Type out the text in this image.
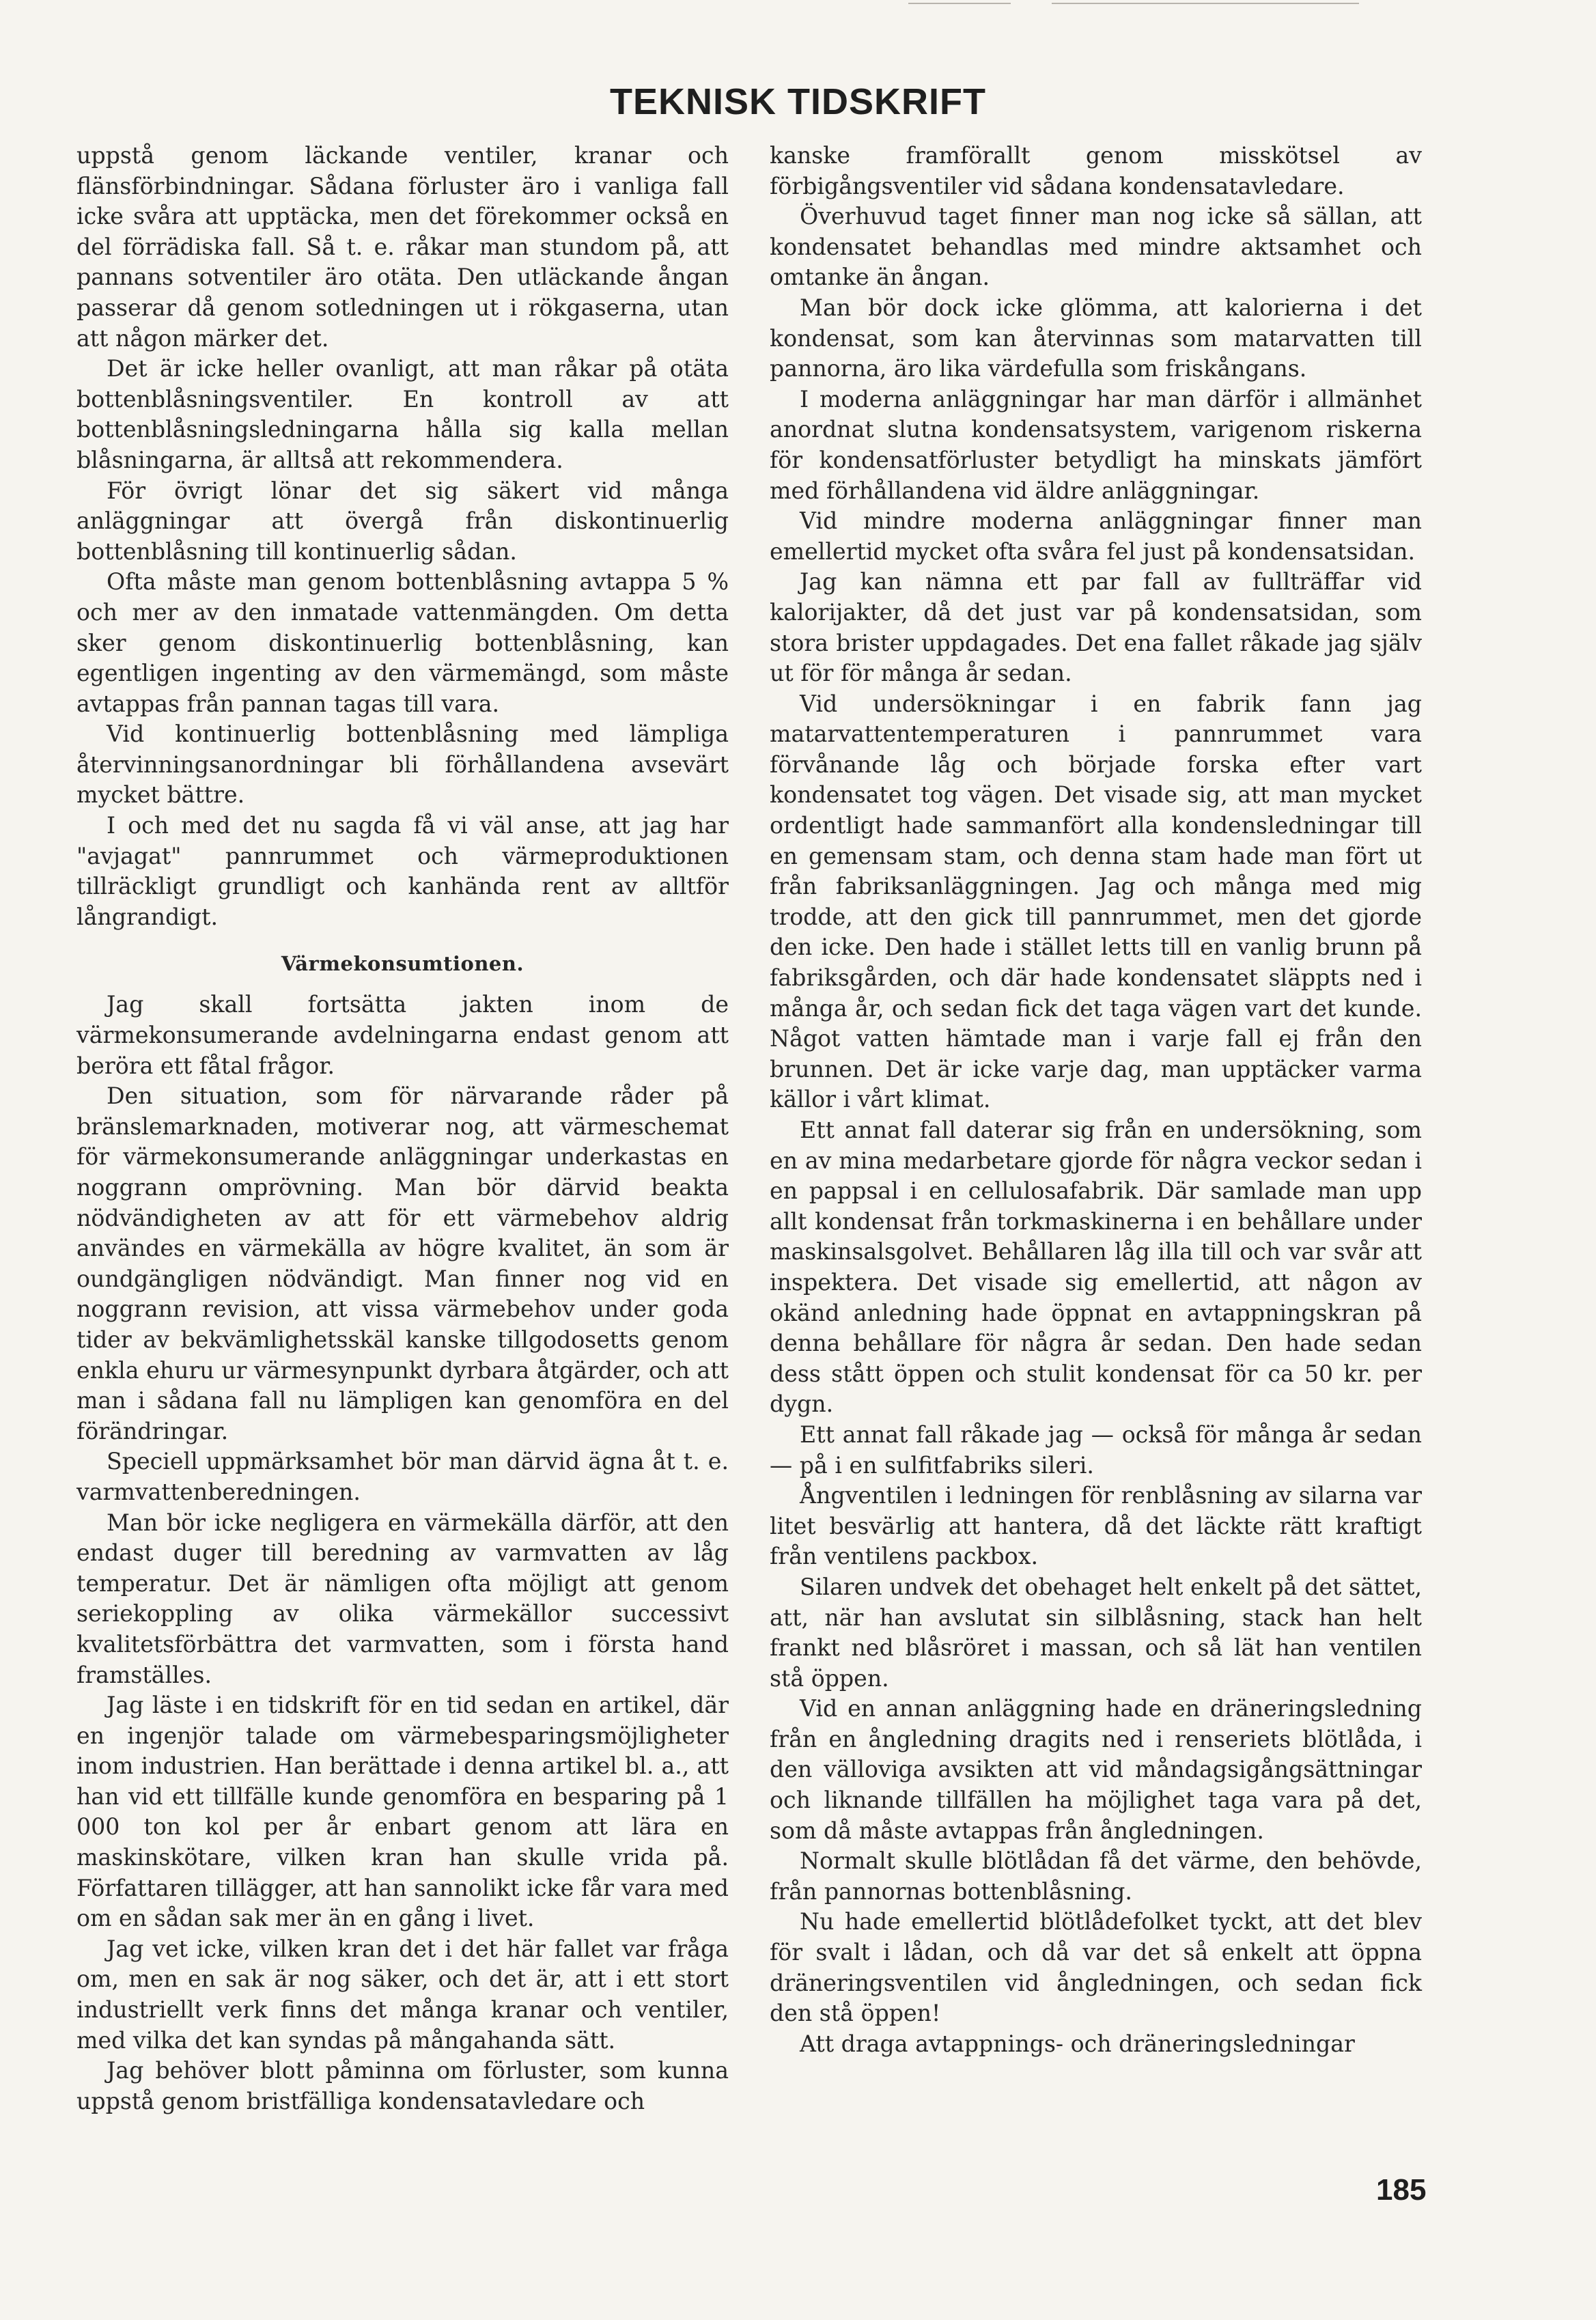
TEKNISK TIDSKRIFT

uppstå genom läckande ventiler, kranar och flänsförbindningar. Sådana förluster äro i vanliga fall icke svåra att upptäcka, men det förekommer också en del förrädiska fall. Så t. e. råkar man stundom på, att pannans sotventiler äro otäta. Den utläckande ångan passerar då genom sotledningen ut i rökgaserna, utan att någon märker det.

Det är icke heller ovanligt, att man råkar på otäta bottenblåsningsventiler. En kontroll av att bottenblåsningsledningarna hålla sig kalla mellan blåsningarna, är alltså att rekommendera.

För övrigt lönar det sig säkert vid många anläggningar att övergå från diskontinuerlig bottenblåsning till kontinuerlig sådan.

Ofta måste man genom bottenblåsning avtappa 5 % och mer av den inmatade vattenmängden. Om detta sker genom diskontinuerlig bottenblåsning, kan egentligen ingenting av den värmemängd, som måste avtappas från pannan tagas till vara.

Vid kontinuerlig bottenblåsning med lämpliga återvinningsanordningar bli förhållandena avsevärt mycket bättre.

I och med det nu sagda få vi väl anse, att jag har "avjagat" pannrummet och värmeproduktionen tillräckligt grundligt och kanhända rent av alltför långrandigt.

Värmekonsumtionen.

Jag skall fortsätta jakten inom de värmekonsumerande avdelningarna endast genom att beröra ett fåtal frågor.

Den situation, som för närvarande råder på bränslemarknaden, motiverar nog, att värmeschemat för värmekonsumerande anläggningar underkastas en noggrann omprövning. Man bör därvid beakta nödvändigheten av att för ett värmebehov aldrig användes en värmekälla av högre kvalitet, än som är oundgängligen nödvändigt. Man finner nog vid en noggrann revision, att vissa värmebehov under goda tider av bekvämlighetsskäl kanske tillgodosetts genom enkla ehuru ur värmesynpunkt dyrbara åtgärder, och att man i sådana fall nu lämpligen kan genomföra en del förändringar.

Speciell uppmärksamhet bör man därvid ägna åt t. e. varmvattenberedningen.

Man bör icke negligera en värmekälla därför, att den endast duger till beredning av varmvatten av låg temperatur. Det är nämligen ofta möjligt att genom seriekoppling av olika värmekällor successivt kvalitetsförbättra det varmvatten, som i första hand framställes.

Jag läste i en tidskrift för en tid sedan en artikel, där en ingenjör talade om värmebesparingsmöjligheter inom industrien. Han berättade i denna artikel bl. a., att han vid ett tillfälle kunde genomföra en besparing på 1 000 ton kol per år enbart genom att lära en maskinskötare, vilken kran han skulle vrida på. Författaren tillägger, att han sannolikt icke får vara med om en sådan sak mer än en gång i livet.

Jag vet icke, vilken kran det i det här fallet var fråga om, men en sak är nog säker, och det är, att i ett stort industriellt verk finns det många kranar och ventiler, med vilka det kan syndas på mångahanda sätt.

Jag behöver blott påminna om förluster, som kunna uppstå genom bristfälliga kondensatavledare och

kanske framförallt genom misskötsel av förbigångsventiler vid sådana kondensatavledare.

Överhuvud taget finner man nog icke så sällan, att kondensatet behandlas med mindre aktsamhet och omtanke än ångan.

Man bör dock icke glömma, att kalorierna i det kondensat, som kan återvinnas som matarvatten till pannorna, äro lika värdefulla som friskångans.

I moderna anläggningar har man därför i allmänhet anordnat slutna kondensatsystem, varigenom riskerna för kondensatförluster betydligt ha minskats jämfört med förhållandena vid äldre anläggningar.

Vid mindre moderna anläggningar finner man emellertid mycket ofta svåra fel just på kondensatsidan.

Jag kan nämna ett par fall av fullträffar vid kalorijakter, då det just var på kondensatsidan, som stora brister uppdagades. Det ena fallet råkade jag själv ut för för många år sedan.

Vid undersökningar i en fabrik fann jag matarvattentemperaturen i pannrummet vara förvånande låg och började forska efter vart kondensatet tog vägen. Det visade sig, att man mycket ordentligt hade sammanfört alla kondensledningar till en gemensam stam, och denna stam hade man fört ut från fabriksanläggningen. Jag och många med mig trodde, att den gick till pannrummet, men det gjorde den icke. Den hade i stället letts till en vanlig brunn på fabriksgården, och där hade kondensatet släppts ned i många år, och sedan fick det taga vägen vart det kunde. Något vatten hämtade man i varje fall ej från den brunnen. Det är icke varje dag, man upptäcker varma källor i vårt klimat.

Ett annat fall daterar sig från en undersökning, som en av mina medarbetare gjorde för några veckor sedan i en pappsal i en cellulosafabrik. Där samlade man upp allt kondensat från torkmaskinerna i en behållare under maskinsalsgolvet. Behållaren låg illa till och var svår att inspektera. Det visade sig emellertid, att någon av okänd anledning hade öppnat en avtappningskran på denna behållare för några år sedan. Den hade sedan dess stått öppen och stulit kondensat för ca 50 kr. per dygn.

Ett annat fall råkade jag — också för många år sedan — på i en sulfitfabriks sileri.

Ångventilen i ledningen för renblåsning av silarna var litet besvärlig att hantera, då det läckte rätt kraftigt från ventilens packbox.

Silaren undvek det obehaget helt enkelt på det sättet, att, när han avslutat sin silblåsning, stack han helt frankt ned blåsröret i massan, och så lät han ventilen stå öppen.

Vid en annan anläggning hade en dräneringsledning från en ångledning dragits ned i renseriets blötlåda, i den välloviga avsikten att vid måndagsigångsättningar och liknande tillfällen ha möjlighet taga vara på det, som då måste avtappas från ångledningen.

Normalt skulle blötlådan få det värme, den behövde, från pannornas bottenblåsning.

Nu hade emellertid blötlådefolket tyckt, att det blev för svalt i lådan, och då var det så enkelt att öppna dräneringsventilen vid ångledningen, och sedan fick den stå öppen!

Att draga avtappnings- och dräneringsledningar

185
